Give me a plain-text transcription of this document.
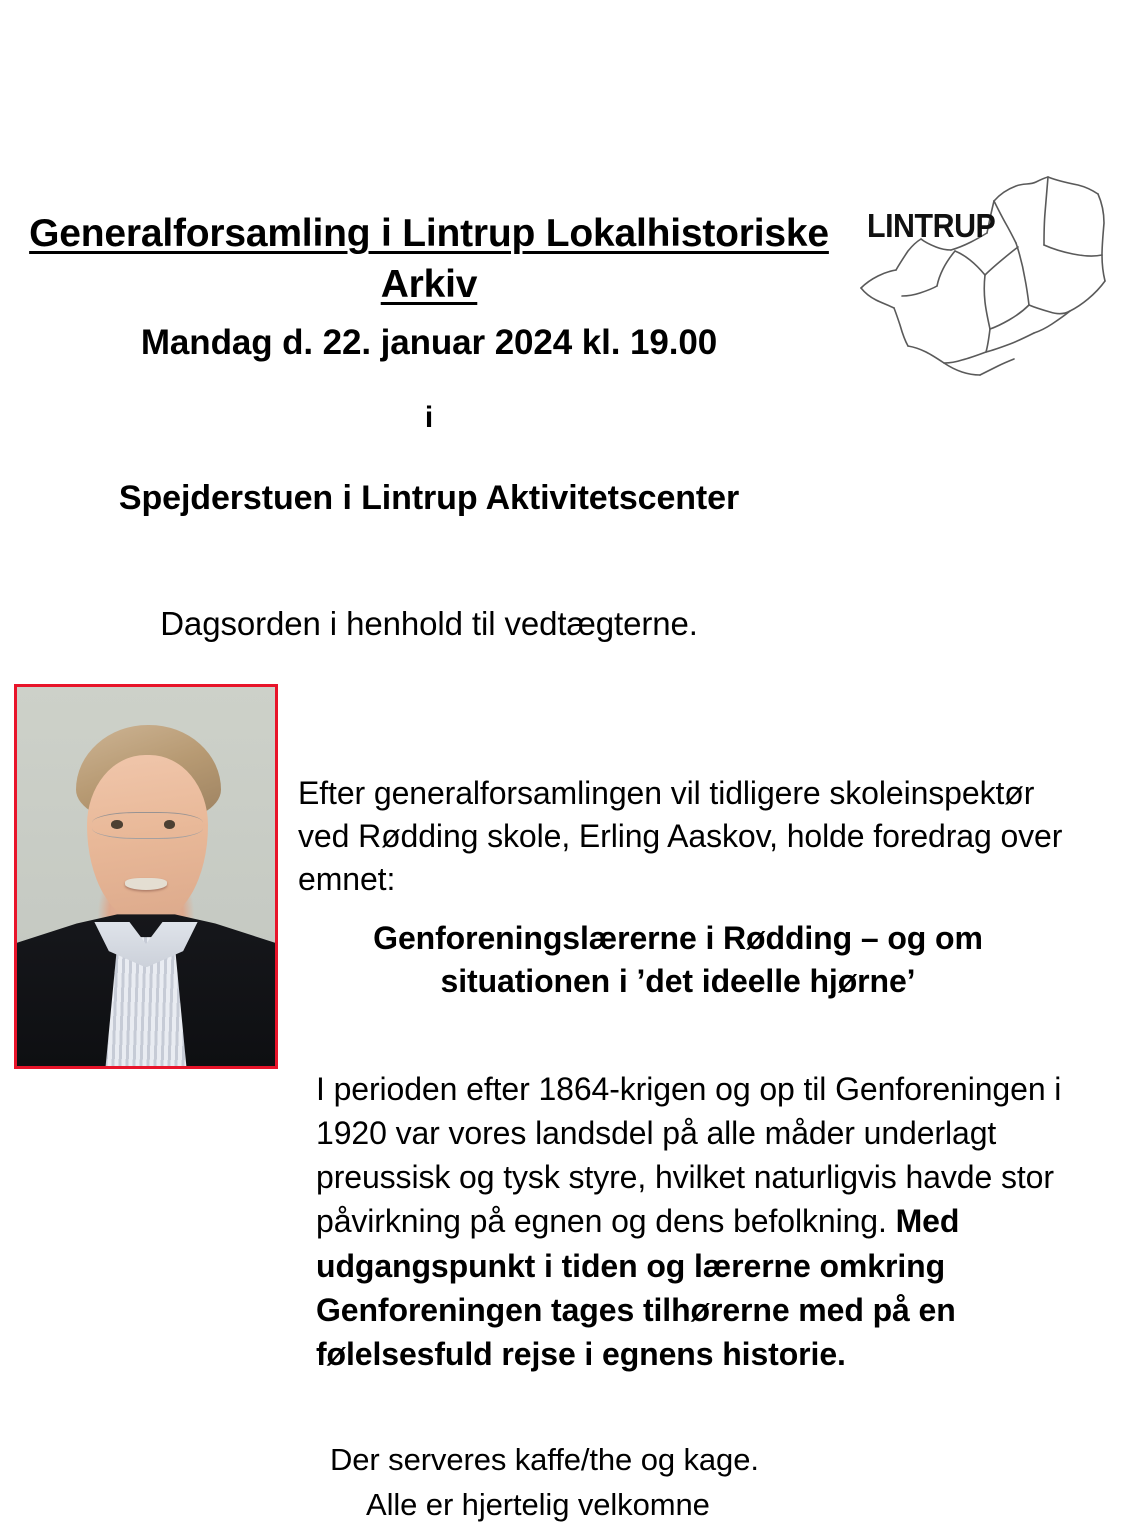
LINTRUP
Generalforsamling i Lintrup Lokalhistoriske Arkiv
Mandag d. 22. januar 2024 kl. 19.00
i
Spejderstuen i Lintrup Aktivitetscenter
Dagsorden i henhold til vedtægterne.

Efter generalforsamlingen vil tidligere skoleinspektør ved Rødding skole, Erling Aaskov, holde foredrag over emnet:

Genforeningslærerne i Rødding – og om situationen i ’det ideelle hjørne’

I perioden efter 1864-krigen og op til Genforeningen i 1920 var vores landsdel på alle måder underlagt preussisk og tysk styre, hvilket naturligvis havde stor påvirkning på egnen og dens befolkning. Med udgangspunkt i tiden og lærerne omkring Genforeningen tages tilhørerne med på en følelsesfuld rejse i egnens historie.

Der serveres kaffe/the og kage.
Alle er hjertelig velkomne
